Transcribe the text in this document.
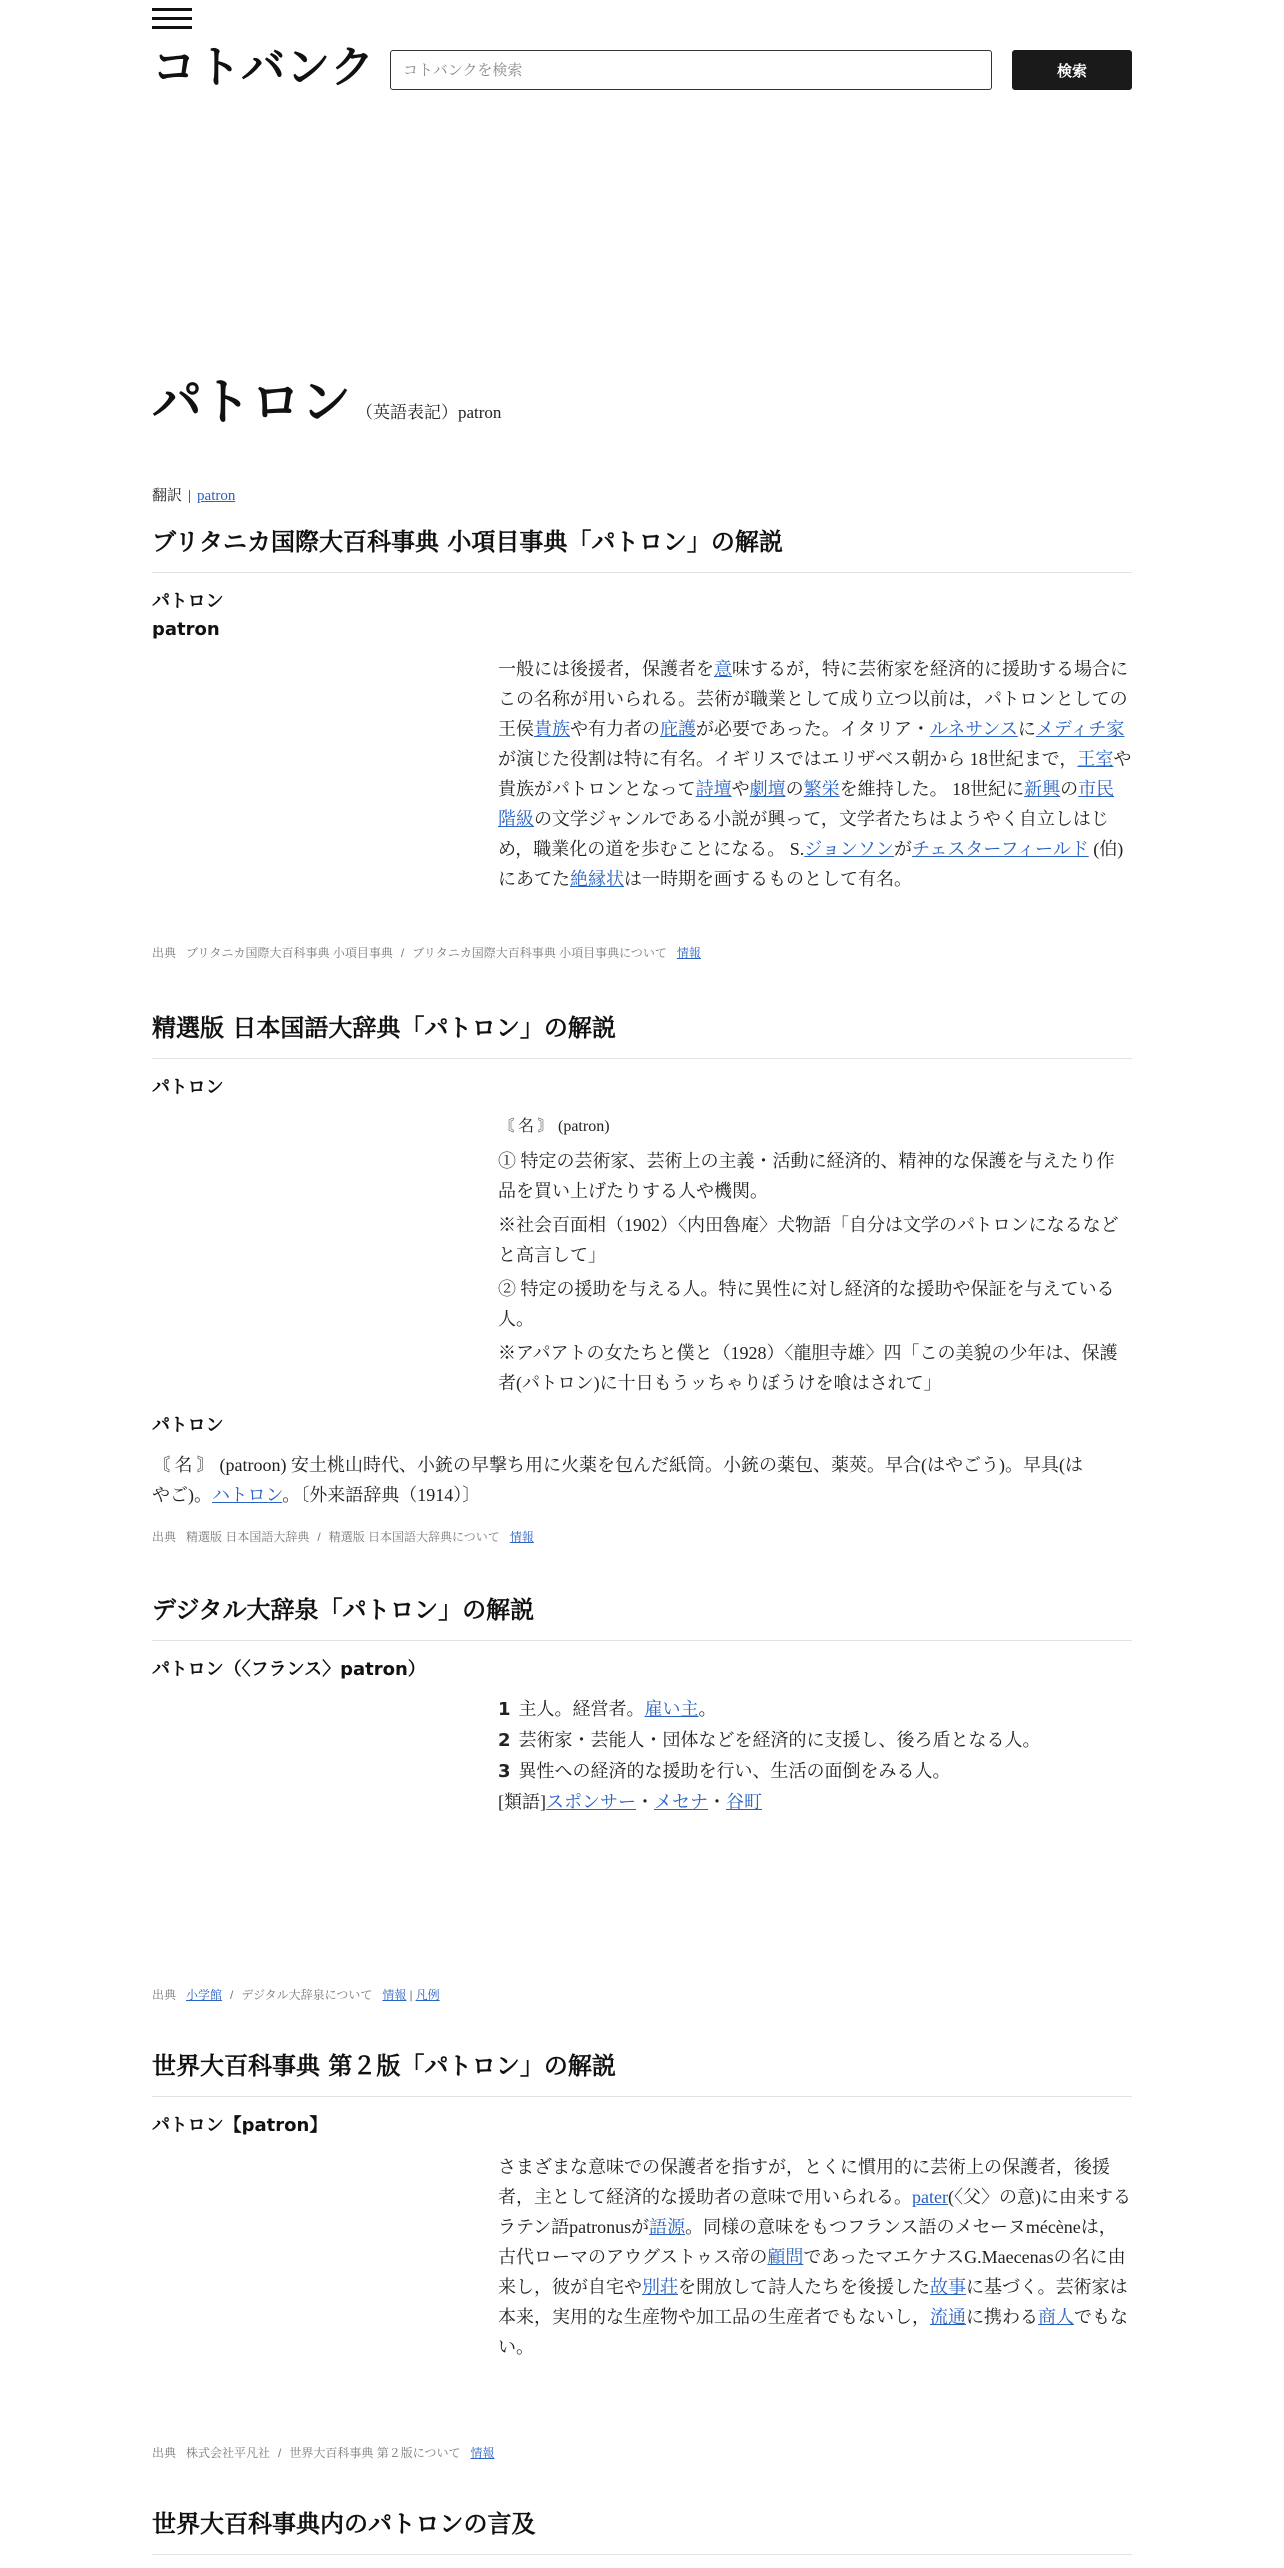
コトバンク
コトバンクを検索	検索
パトロン （英語表記）patron
翻訳 | patron
ブリタニカ国際大百科事典 小項目事典「パトロン」の解説
パトロン
patron
一般には後援者，保護者を意味するが，特に芸術家を経済的に援助する場合にこの名称が用いられる。芸術が職業として成り立つ以前は，パトロンとしての王侯貴族や有力者の庇護が必要であった。イタリア・ルネサンスにメディチ家が演じた役割は特に有名。イギリスではエリザベス朝から 18世紀まで，王室や貴族がパトロンとなって詩壇や劇壇の繁栄を維持した。 18世紀に新興の市民階級の文学ジャンルである小説が興って，文学者たちはようやく自立しはじめ，職業化の道を歩むことになる。 S.ジョンソンがチェスターフィールド (伯) にあてた絶縁状は一時期を画するものとして有名。
出典 ブリタニカ国際大百科事典 小項目事典 / ブリタニカ国際大百科事典 小項目事典について 情報
精選版 日本国語大辞典「パトロン」の解説
パトロン
〘 名 〙 (patron)
① 特定の芸術家、芸術上の主義・活動に経済的、精神的な保護を与えたり作品を買い上げたりする人や機関。
※社会百面相（1902）〈内田魯庵〉犬物語「自分は文学のパトロンになるなどと高言して」
② 特定の援助を与える人。特に異性に対し経済的な援助や保証を与えている人。
※アパアトの女たちと僕と（1928）〈龍胆寺雄〉四「この美貌の少年は、保護者(パトロン)に十日もうッちゃりぼうけを喰はされて」
パトロン
〘 名 〙 (patroon) 安土桃山時代、小銃の早撃ち用に火薬を包んだ紙筒。小銃の薬包、薬莢。早合(はやごう)。早具(はやご)。ハトロン。〔外来語辞典（1914）〕
出典 精選版 日本国語大辞典 / 精選版 日本国語大辞典について 情報
デジタル大辞泉「パトロン」の解説
パトロン（〈フランス〉patron）
1 主人。経営者。雇い主。
2 芸術家・芸能人・団体などを経済的に支援し、後ろ盾となる人。
3 異性への経済的な援助を行い、生活の面倒をみる人。
[類語]スポンサー・メセナ・谷町
出典 小学館 / デジタル大辞泉について 情報 | 凡例
世界大百科事典 第２版「パトロン」の解説
パトロン【patron】
さまざまな意味での保護者を指すが，とくに慣用的に芸術上の保護者，後援者，主として経済的な援助者の意味で用いられる。pater(〈父〉の意)に由来するラテン語patronusが語源。同様の意味をもつフランス語のメセーヌmécèneは，古代ローマのアウグストゥス帝の顧問であったマエケナスG.Maecenasの名に由来し，彼が自宅や別荘を開放して詩人たちを後援した故事に基づく。芸術家は本来，実用的な生産物や加工品の生産者でもないし，流通に携わる商人でもない。
出典 株式会社平凡社 / 世界大百科事典 第２版について 情報
世界大百科事典内のパトロンの言及
